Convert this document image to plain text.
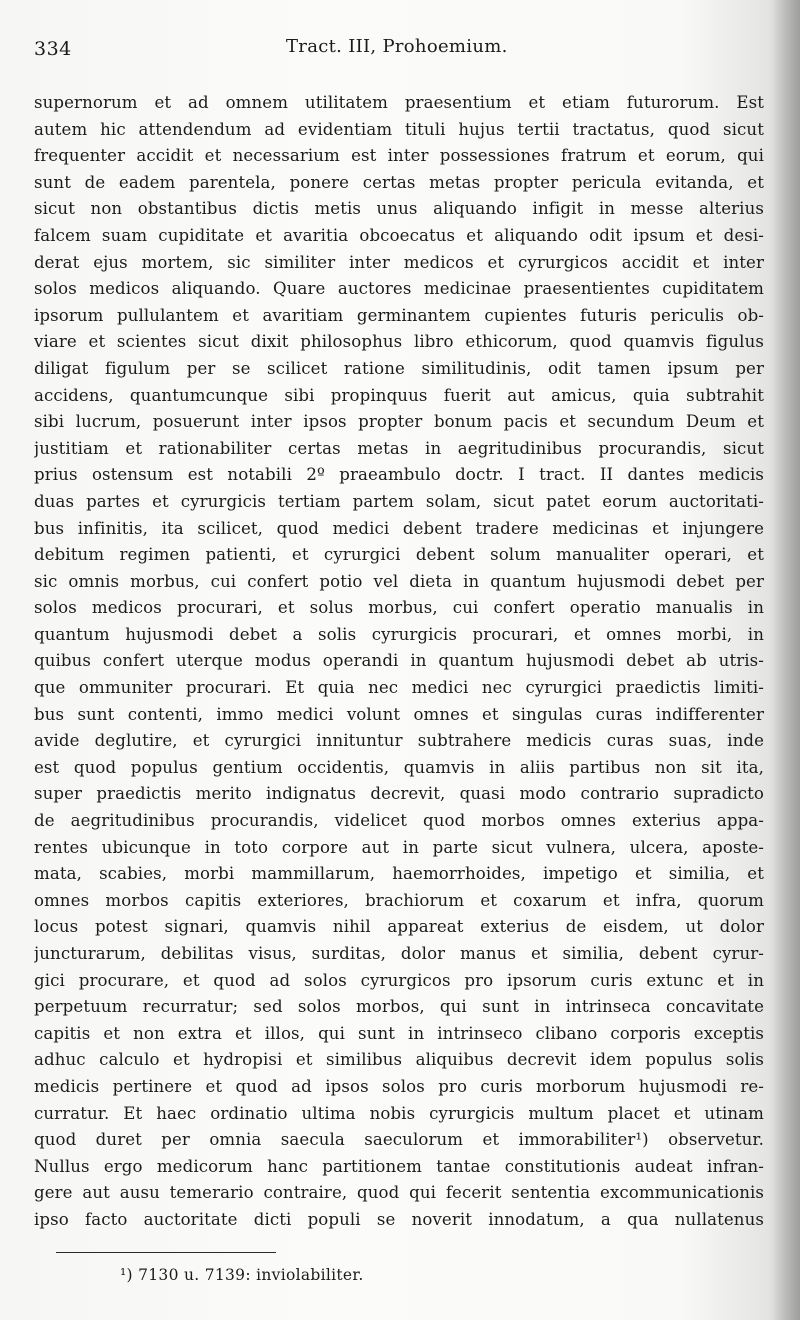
334	Tract. III, Prohoemium.
supernorum et ad omnem utilitatem praesentium et etiam futurorum. Est
autem hic attendendum ad evidentiam tituli hujus tertii tractatus, quod sicut
frequenter accidit et necessarium est inter possessiones fratrum et eorum, qui
sunt de eadem parentela, ponere certas metas propter pericula evitanda, et
sicut non obstantibus dictis metis unus aliquando infigit in messe alterius
falcem suam cupiditate et avaritia obcoecatus et aliquando odit ipsum et desi-
derat ejus mortem, sic similiter inter medicos et cyrurgicos accidit et inter
solos medicos aliquando. Quare auctores medicinae praesentientes cupiditatem
ipsorum pullulantem et avaritiam germinantem cupientes futuris periculis ob-
viare et scientes sicut dixit philosophus libro ethicorum, quod quamvis figulus
diligat figulum per se scilicet ratione similitudinis, odit tamen ipsum per
accidens, quantumcunque sibi propinquus fuerit aut amicus, quia subtrahit
sibi lucrum, posuerunt inter ipsos propter bonum pacis et secundum Deum et
justitiam et rationabiliter certas metas in aegritudinibus procurandis, sicut
prius ostensum est notabili 2º praeambulo doctr. I tract. II dantes medicis
duas partes et cyrurgicis tertiam partem solam, sicut patet eorum auctoritati-
bus infinitis, ita scilicet, quod medici debent tradere medicinas et injungere
debitum regimen patienti, et cyrurgici debent solum manualiter operari, et
sic omnis morbus, cui confert potio vel dieta in quantum hujusmodi debet per
solos medicos procurari, et solus morbus, cui confert operatio manualis in
quantum hujusmodi debet a solis cyrurgicis procurari, et omnes morbi, in
quibus confert uterque modus operandi in quantum hujusmodi debet ab utris-
que ommuniter procurari. Et quia nec medici nec cyrurgici praedictis limiti-
bus sunt contenti, immo medici volunt omnes et singulas curas indifferenter
avide deglutire, et cyrurgici innituntur subtrahere medicis curas suas, inde
est quod populus gentium occidentis, quamvis in aliis partibus non sit ita,
super praedictis merito indignatus decrevit, quasi modo contrario supradicto
de aegritudinibus procurandis, videlicet quod morbos omnes exterius appa-
rentes ubicunque in toto corpore aut in parte sicut vulnera, ulcera, aposte-
mata, scabies, morbi mammillarum, haemorrhoides, impetigo et similia, et
omnes morbos capitis exteriores, brachiorum et coxarum et infra, quorum
locus potest signari, quamvis nihil appareat exterius de eisdem, ut dolor
juncturarum, debilitas visus, surditas, dolor manus et similia, debent cyrur-
gici procurare, et quod ad solos cyrurgicos pro ipsorum curis extunc et in
perpetuum recurratur; sed solos morbos, qui sunt in intrinseca concavitate
capitis et non extra et illos, qui sunt in intrinseco clibano corporis exceptis
adhuc calculo et hydropisi et similibus aliquibus decrevit idem populus solis
medicis pertinere et quod ad ipsos solos pro curis morborum hujusmodi re-
curratur. Et haec ordinatio ultima nobis cyrurgicis multum placet et utinam
quod duret per omnia saecula saeculorum et immorabiliter¹) observetur.
Nullus ergo medicorum hanc partitionem tantae constitutionis audeat infran-
gere aut ausu temerario contraire, quod qui fecerit sententia excommunicationis
ipso facto auctoritate dicti populi se noverit innodatum, a qua nullatenus
¹) 7130 u. 7139: inviolabiliter.
